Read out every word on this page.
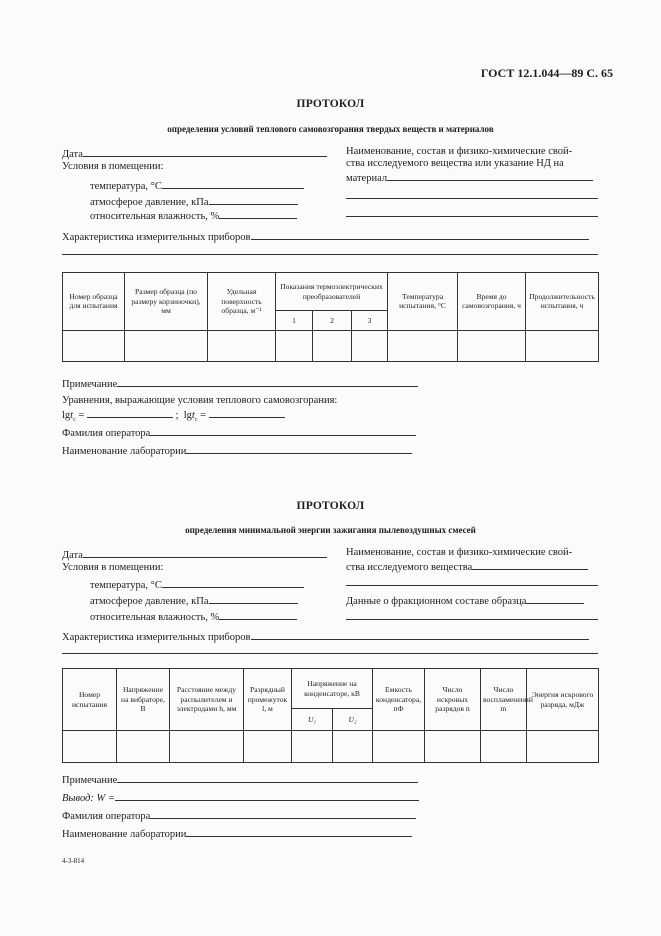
ГОСТ 12.1.044—89 С. 65
ПРОТОКОЛ
определения условий теплового самовозгорания твердых веществ и материалов
Дата
Условия в помещении:
температура, °С
атмосферое давление, кПа
относительная влажность, %
Наименование, состав и физико-химические свой-
ства исследуемого вещества или указание НД на
материал
Характеристика измерительных приборов
Номер образца для испытания	Размер образца (по размеру корзиночки), мм	Удельная поверхность образца, м⁻¹	Показания термоэлектрических преобразователей			Температура испытания, °С	Время до самовозгорания, ч	Продолжительность испытания, ч
			1	2	3			

Примечание
Уравнения, выражающие условия теплового самовозгорания:
lgt$_c$ =	; lgt$_c$ =
Фамилия оператора
Наименование лаборатории
ПРОТОКОЛ
определения минимальной энергии зажигания пылевоздушных смесей
Дата
Условия в помещении:
температура, °С
атмосферое давление, кПа
относительная влажность, %
Наименование, состав и физико-химические свой-
ства исследуемого вещества
Данные о фракционном составе образца
Характеристика измерительных приборов
Номер испытания	Напряжение на вибраторе, В	Расстояние между распылителем и электродами h, мм	Разрядный промежуток l, м	Напряжение на конденсаторе, кВ		Емкость конденсатора, пФ	Число искровых разрядов n	Число воспламенений m	Энергия искрового разряда, мДж
				U₁	U₂				

Примечание
Вывод: W =
Фамилия оператора
Наименование лаборатории
4-3-814
